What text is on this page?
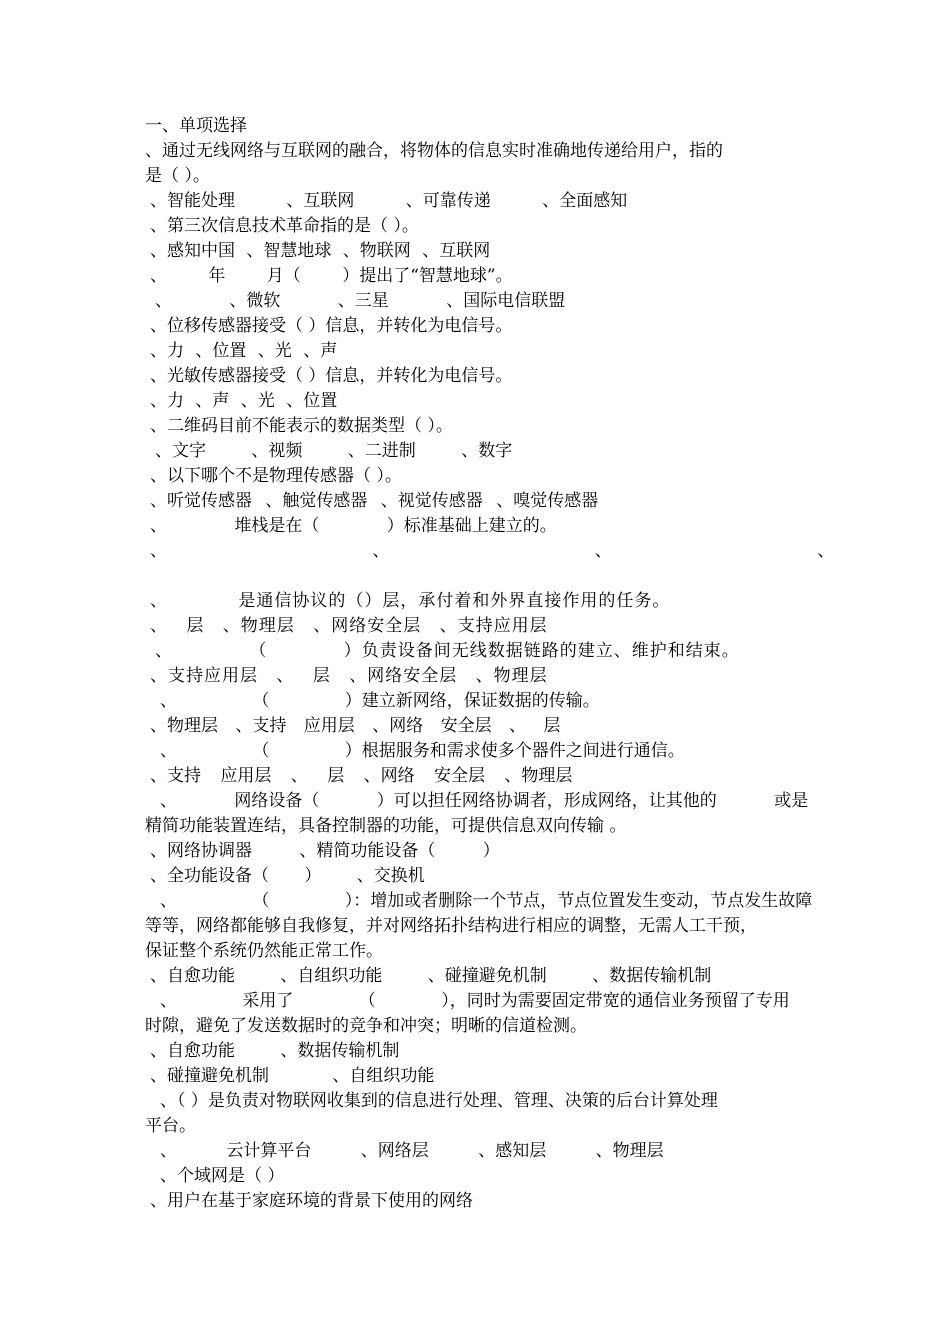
一、单项选择
、通过无线网络与互联网的融合，将物体的信息实时准确地传递给用户，指的
是（ ）。
、智能处理 、互联网 、可靠传递 、全面感知
、第三次信息技术革命指的是（ ）。
、感知中国 、智慧地球 、物联网 、互联网
、 年 月（ ）提出了“智慧地球”。
、 、微软 、三星 、国际电信联盟
、位移传感器接受（ ）信息，并转化为电信号。
、力 、位置 、光 、声
、光敏传感器接受（ ）信息，并转化为电信号。
、力 、声 、光 、位置
、二维码目前不能表示的数据类型（ ）。
、文字 、视频 、二进制 、数字
、以下哪个不是物理传感器（ ）。
、听觉传感器 、触觉传感器 、视觉传感器 、嗅觉传感器
、 堆栈是在（ ）标准基础上建立的。
、 、 、 、
、 是通信协议的（）层，承付着和外界直接作用的任务。
、 层 、物理层 、网络安全层 、支持应用层
、 （ ）负责设备间无线数据链路的建立、维护和结束。
、支持应用层 、 层 、网络安全层 、物理层
、 （ ）建立新网络，保证数据的传输。
、物理层 、支持 应用层 、网络 安全层 、 层
、 （ ）根据服务和需求使多个器件之间进行通信。
、支持 应用层 、 层 、网络 安全层 、物理层
、 网络设备（ ）可以担任网络协调者，形成网络，让其他的 或是
精简功能装置连结，具备控制器的功能，可提供信息双向传输 。
、网络协调器 、精简功能设备（ ）
、全功能设备（ ） 、交换机
、 （ ）：增加或者删除一个节点，节点位置发生变动，节点发生故障
等等，网络都能够自我修复，并对网络拓扑结构进行相应的调整，无需人工干预，
保证整个系统仍然能正常工作。
、自愈功能 、自组织功能 、碰撞避免机制 、数据传输机制
、 采用了 （ ），同时为需要固定带宽的通信业务预留了专用
时隙，避免了发送数据时的竞争和冲突；明晰的信道检测。
、自愈功能 、数据传输机制
、碰撞避免机制 、自组织功能
、（ ）是负责对物联网收集到的信息进行处理、管理、决策的后台计算处理
平台。
、 云计算平台 、网络层 、感知层 、物理层
、个域网是（ ）
、用户在基于家庭环境的背景下使用的网络
